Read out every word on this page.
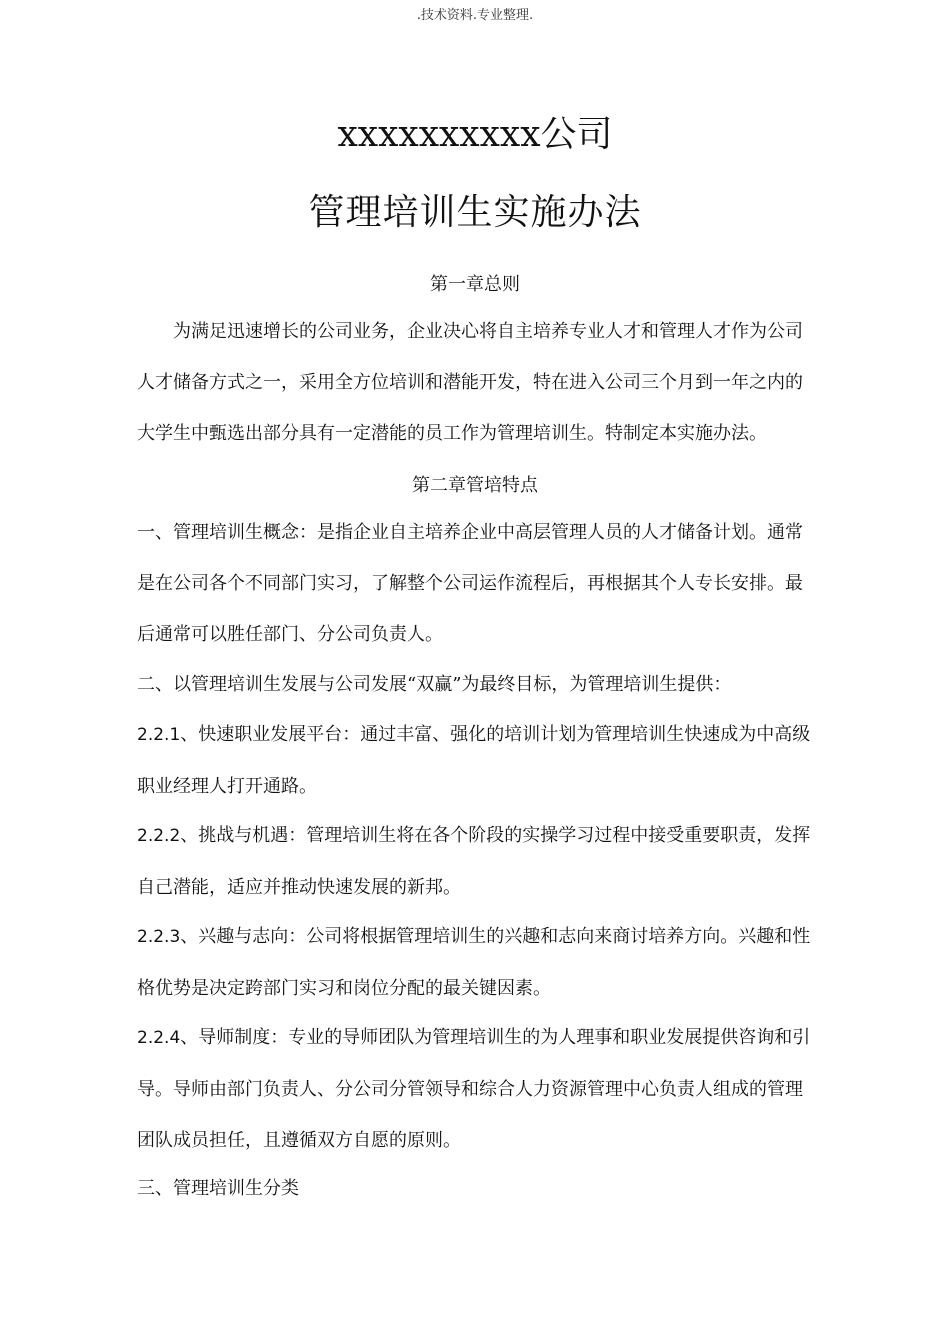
.技术资料.专业整理.
xxxxxxxxxx公司
管理培训生实施办法
第一章总则

为满足迅速增长的公司业务，企业决心将自主培养专业人才和管理人才作为公司人才储备方式之一，采用全方位培训和潜能开发，特在进入公司三个月到一年之内的大学生中甄选出部分具有一定潜能的员工作为管理培训生。特制定本实施办法。

第二章管培特点

一、管理培训生概念：是指企业自主培养企业中高层管理人员的人才储备计划。通常是在公司各个不同部门实习，了解整个公司运作流程后，再根据其个人专长安排。最后通常可以胜任部门、分公司负责人。

二、以管理培训生发展与公司发展“双赢”为最终目标，为管理培训生提供：

2.2.1、快速职业发展平台：通过丰富、强化的培训计划为管理培训生快速成为中高级职业经理人打开通路。

2.2.2、挑战与机遇：管理培训生将在各个阶段的实操学习过程中接受重要职责，发挥自己潜能，适应并推动快速发展的新邦。

2.2.3、兴趣与志向：公司将根据管理培训生的兴趣和志向来商讨培养方向。兴趣和性格优势是决定跨部门实习和岗位分配的最关键因素。

2.2.4、导师制度：专业的导师团队为管理培训生的为人理事和职业发展提供咨询和引导。导师由部门负责人、分公司分管领导和综合人力资源管理中心负责人组成的管理团队成员担任，且遵循双方自愿的原则。

三、管理培训生分类
